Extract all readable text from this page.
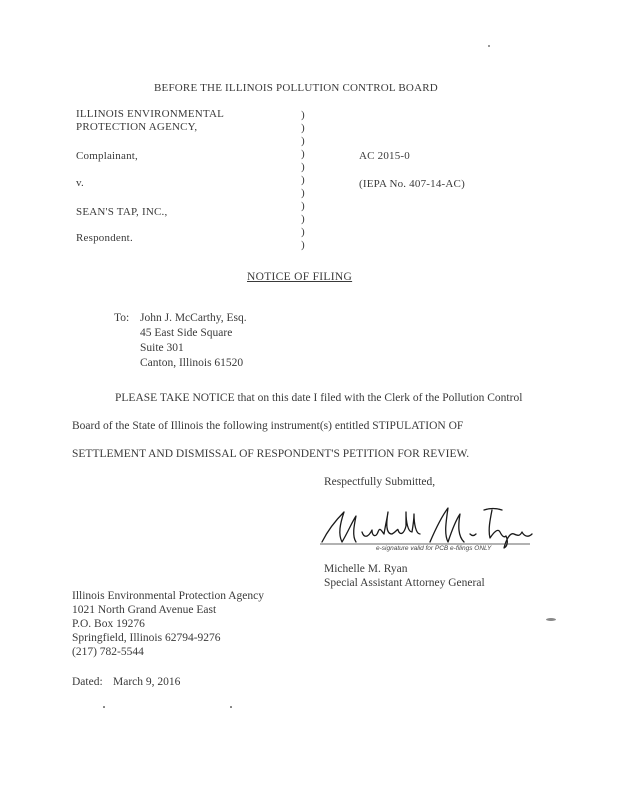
BEFORE THE ILLINOIS POLLUTION CONTROL BOARD
ILLINOIS ENVIRONMENTAL
PROTECTION AGENCY,
Complainant,
v.
SEAN'S TAP, INC.,
Respondent.
)
)
)
)
)
)
)
)
)
)
)
AC 2015-0
(IEPA No. 407-14-AC)
NOTICE OF FILING
To: John J. McCarthy, Esq.
45 East Side Square
Suite 301
Canton, Illinois 61520
PLEASE TAKE NOTICE that on this date I filed with the Clerk of the Pollution Control
Board of the State of Illinois the following instrument(s) entitled STIPULATION OF
SETTLEMENT AND DISMISSAL OF RESPONDENT'S PETITION FOR REVIEW.
Respectfully Submitted,
e-signature valid for PCB e-filings ONLY
Michelle M. Ryan
Special Assistant Attorney General
Illinois Environmental Protection Agency
1021 North Grand Avenue East
P.O. Box 19276
Springfield, Illinois 62794-9276
(217) 782-5544
Dated: March 9, 2016
